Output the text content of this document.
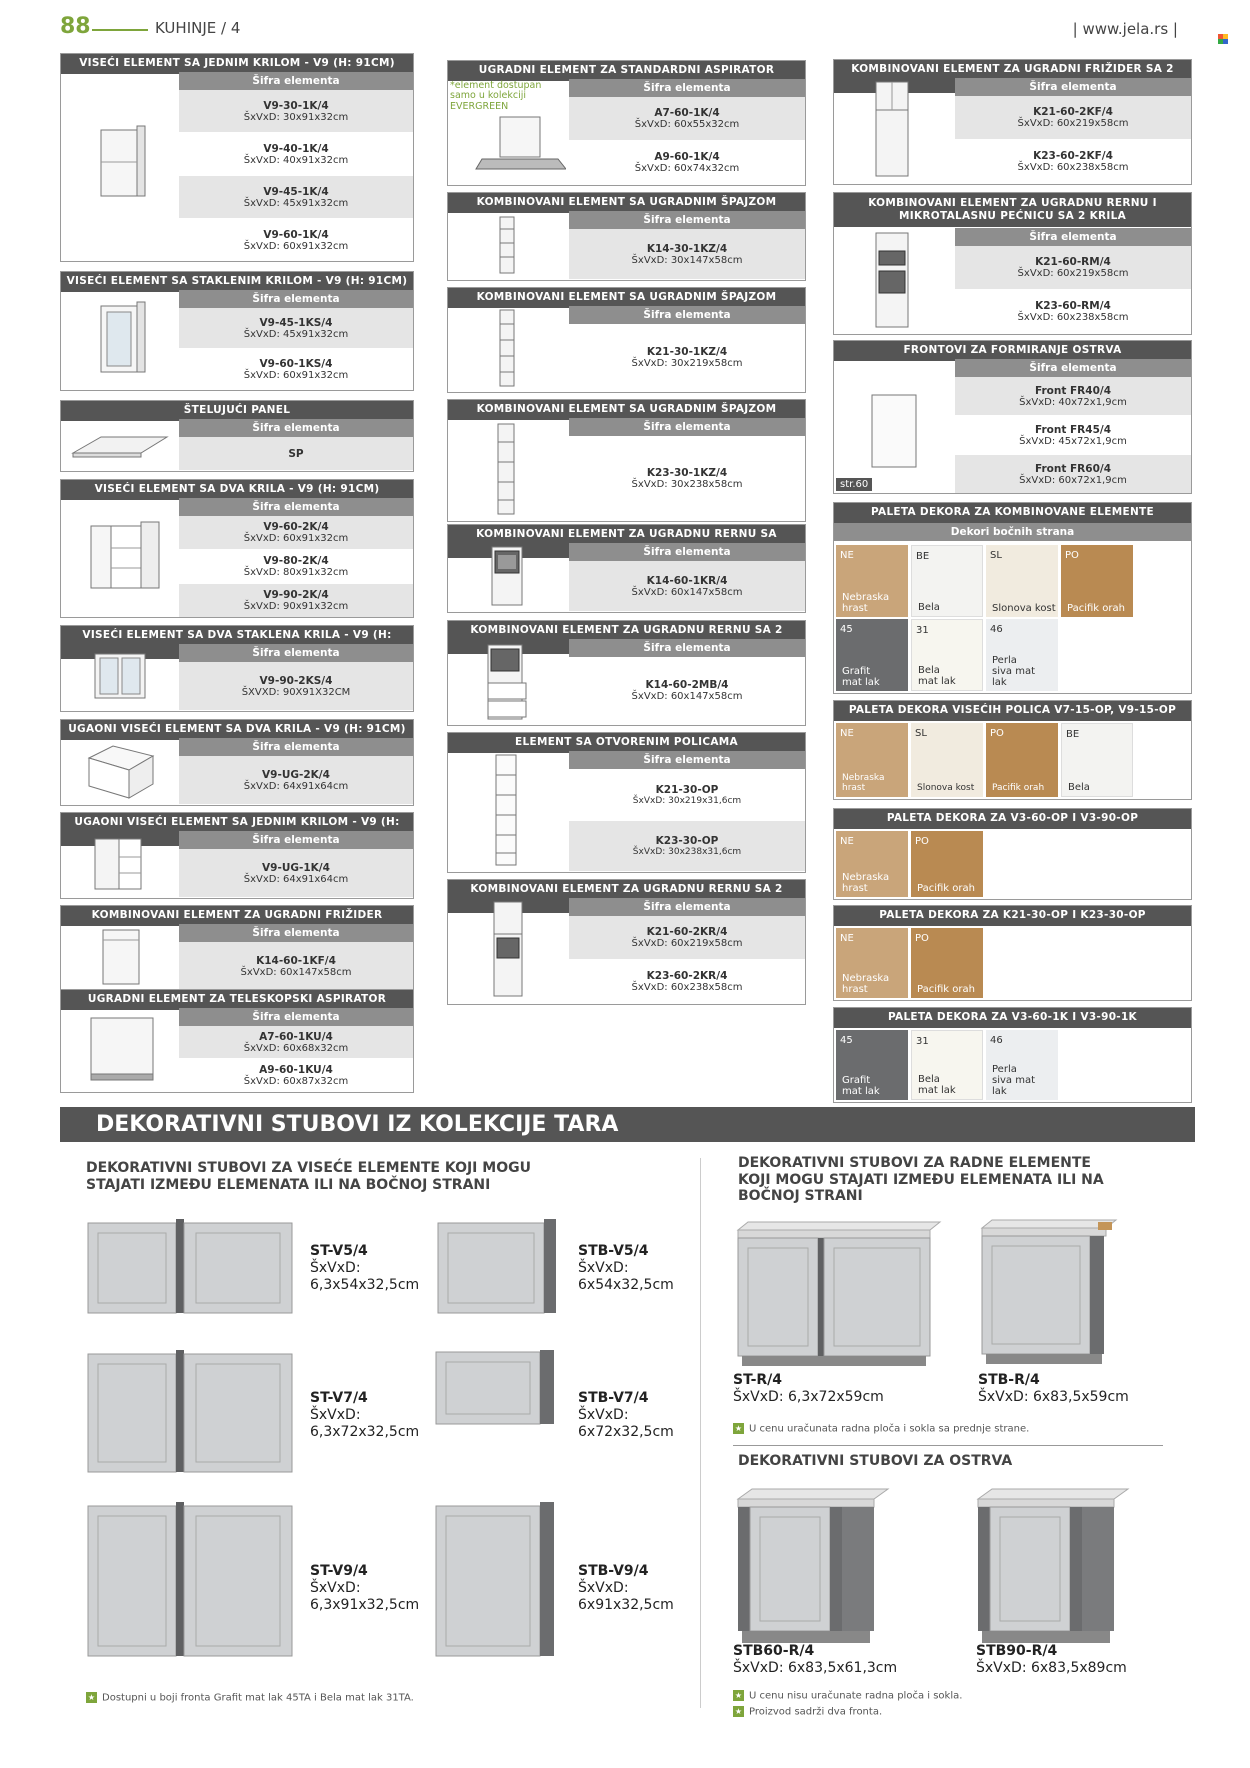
88	KUHINJE / 4	| www.jela.rs |
VISEĆI ELEMENT SA JEDNIM KRILOM - V9 (H: 91CM)
Šifra elementa
V9-30-1K/4
ŠxVxD: 30x91x32cm
V9-40-1K/4
ŠxVxD: 40x91x32cm
V9-45-1K/4
ŠxVxD: 45x91x32cm
V9-60-1K/4
ŠxVxD: 60x91x32cm
VISEĆI ELEMENT SA STAKLENIM KRILOM - V9 (H: 91CM)
Šifra elementa
V9-45-1KS/4
ŠxVxD: 45x91x32cm
V9-60-1KS/4
ŠxVxD: 60x91x32cm
ŠTELUJUĆI PANEL
Šifra elementa
SP
VISEĆI ELEMENT SA DVA KRILA - V9 (H: 91CM)
Šifra elementa
V9-60-2K/4
ŠxVxD: 60x91x32cm
V9-80-2K/4
ŠxVxD: 80x91x32cm
V9-90-2K/4
ŠxVxD: 90x91x32cm
VISEĆI ELEMENT SA DVA STAKLENA KRILA - V9 (H:
Šifra elementa
V9-90-2KS/4
ŠXVXD: 90X91X32CM
UGAONI VISEĆI ELEMENT SA DVA KRILA - V9 (H: 91CM)
Šifra elementa
V9-UG-2K/4
ŠxVxD: 64x91x64cm
UGAONI VISEĆI ELEMENT SA JEDNIM KRILOM - V9 (H:
Šifra elementa
V9-UG-1K/4
ŠxVxD: 64x91x64cm
KOMBINOVANI ELEMENT ZA UGRADNI FRIŽIDER
Šifra elementa
K14-60-1KF/4
ŠxVxD: 60x147x58cm
UGRADNI ELEMENT ZA TELESKOPSKI ASPIRATOR
Šifra elementa
A7-60-1KU/4
ŠxVxD: 60x68x32cm
A9-60-1KU/4
ŠxVxD: 60x87x32cm
UGRADNI ELEMENT ZA STANDARDNI ASPIRATOR
Šifra elementa
*element dostupan samo u kolekciji EVERGREEN
A7-60-1K/4
ŠxVxD: 60x55x32cm
A9-60-1K/4
ŠxVxD: 60x74x32cm
KOMBINOVANI ELEMENT SA UGRADNIM ŠPAJZOM
Šifra elementa
K14-30-1KZ/4
ŠxVxD: 30x147x58cm
KOMBINOVANI ELEMENT SA UGRADNIM ŠPAJZOM
Šifra elementa
K21-30-1KZ/4
ŠxVxD: 30x219x58cm
KOMBINOVANI ELEMENT SA UGRADNIM ŠPAJZOM
Šifra elementa
K23-30-1KZ/4
ŠxVxD: 30x238x58cm
KOMBINOVANI ELEMENT ZA UGRADNU RERNU SA
Šifra elementa
K14-60-1KR/4
ŠxVxD: 60x147x58cm
KOMBINOVANI ELEMENT ZA UGRADNU RERNU SA 2
Šifra elementa
K14-60-2MB/4
ŠxVxD: 60x147x58cm
ELEMENT SA OTVORENIM POLICAMA
Šifra elementa
K21-30-OP
ŠxVxD: 30x219x31,6cm
K23-30-OP
ŠxVxD: 30x238x31,6cm
KOMBINOVANI ELEMENT ZA UGRADNU RERNU SA 2
Šifra elementa
K21-60-2KR/4
ŠxVxD: 60x219x58cm
K23-60-2KR/4
ŠxVxD: 60x238x58cm
KOMBINOVANI ELEMENT ZA UGRADNI FRIŽIDER SA 2
Šifra elementa
K21-60-2KF/4
ŠxVxD: 60x219x58cm
K23-60-2KF/4
ŠxVxD: 60x238x58cm
KOMBINOVANI ELEMENT ZA UGRADNU RERNU I MIKROTALASNU PEĆNICU SA 2 KRILA
Šifra elementa
K21-60-RM/4
ŠxVxD: 60x219x58cm
K23-60-RM/4
ŠxVxD: 60x238x58cm
FRONTOVI ZA FORMIRANJE OSTRVA
Šifra elementa
str.60
Front FR40/4
ŠxVxD: 40x72x1,9cm
Front FR45/4
ŠxVxD: 45x72x1,9cm
Front FR60/4
ŠxVxD: 60x72x1,9cm
PALETA DEKORA ZA KOMBINOVANE ELEMENTE
Dekori bočnih strana
NE
Nebraska hrast
BE
Bela
SL
Slonova kost
PO
Pacifik orah
45
Grafit mat lak
31
Bela mat lak
46
Perla siva mat lak
PALETA DEKORA VISEĆIH POLICA V7-15-OP, V9-15-OP
NE
Nebraska hrast
SL
Slonova kost
PO
Pacifik orah
BE
Bela
PALETA DEKORA ZA V3-60-OP I V3-90-OP
NE
Nebraska hrast
PO
Pacifik orah
PALETA DEKORA ZA K21-30-OP I K23-30-OP
NE
Nebraska hrast
PO
Pacifik orah
PALETA DEKORA ZA V3-60-1K I V3-90-1K
45
Grafit mat lak
31
Bela mat lak
46
Perla siva mat lak
DEKORATIVNI STUBOVI IZ KOLEKCIJE TARA
DEKORATIVNI STUBOVI ZA VISEĆE ELEMENTE KOJI MOGU STAJATI IZMEĐU ELEMENATA ILI NA BOČNOJ STRANI
DEKORATIVNI STUBOVI ZA RADNE ELEMENTE KOJI MOGU STAJATI IZMEĐU ELEMENATA ILI NA BOČNOJ STRANI
ST-V5/4
ŠxVxD:
6,3x54x32,5cm
STB-V5/4
ŠxVxD:
6x54x32,5cm
ST-V7/4
ŠxVxD:
6,3x72x32,5cm
STB-V7/4
ŠxVxD:
6x72x32,5cm
ST-V9/4
ŠxVxD:
6,3x91x32,5cm
STB-V9/4
ŠxVxD:
6x91x32,5cm
★ Dostupni u boji fronta Grafit mat lak 45TA i Bela mat lak 31TA.
ST-R/4
ŠxVxD: 6,3x72x59cm
STB-R/4
ŠxVxD: 6x83,5x59cm
★ U cenu uračunata radna ploča i sokla sa prednje strane.
DEKORATIVNI STUBOVI ZA OSTRVA
STB60-R/4
ŠxVxD: 6x83,5x61,3cm
STB90-R/4
ŠxVxD: 6x83,5x89cm
★ U cenu nisu uračunate radna ploča i sokla.
★ Proizvod sadrži dva fronta.
